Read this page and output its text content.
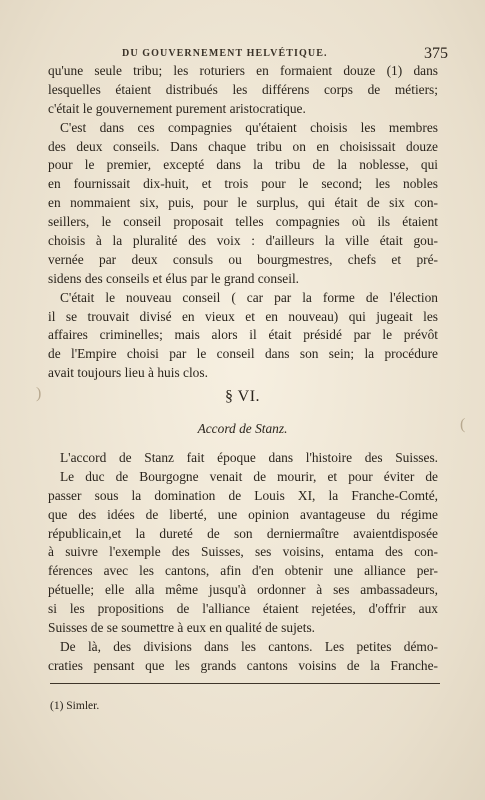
DU GOUVERNEMENT HELVÉTIQUE.	375
qu'une seule tribu; les roturiers en formaient douze (1) dans
lesquelles étaient distribués les différens corps de métiers;
c'était le gouvernement purement aristocratique.
C'est dans ces compagnies qu'étaient choisis les membres
des deux conseils. Dans chaque tribu on en choisissait douze
pour le premier, excepté dans la tribu de la noblesse, qui
en fournissait dix-huit, et trois pour le second; les nobles
en nommaient six, puis, pour le surplus, qui était de six con-
seillers, le conseil proposait telles compagnies où ils étaient
choisis à la pluralité des voix : d'ailleurs la ville était gou-
vernée par deux consuls ou bourgmestres, chefs et pré-
sidens des conseils et élus par le grand conseil.
C'était le nouveau conseil ( car par la forme de l'élection
il se trouvait divisé en vieux et en nouveau) qui jugeait les
affaires criminelles; mais alors il était présidé par le prévôt
de l'Empire choisi par le conseil dans son sein; la procédure
avait toujours lieu à huis clos.
§ VI.
Accord de Stanz.
L'accord de Stanz fait époque dans l'histoire des Suisses.
Le duc de Bourgogne venait de mourir, et pour éviter de
passer sous la domination de Louis XI, la Franche-Comté,
que des idées de liberté, une opinion avantageuse du régime
républicain,et la dureté de son derniermaître avaientdisposée
à suivre l'exemple des Suisses, ses voisins, entama des con-
férences avec les cantons, afin d'en obtenir une alliance per-
pétuelle; elle alla même jusqu'à ordonner à ses ambassadeurs,
si les propositions de l'alliance étaient rejetées, d'offrir aux
Suisses de se soumettre à eux en qualité de sujets.
De là, des divisions dans les cantons. Les petites démo-
craties pensant que les grands cantons voisins de la Franche-
(1) Simler.
)
(
